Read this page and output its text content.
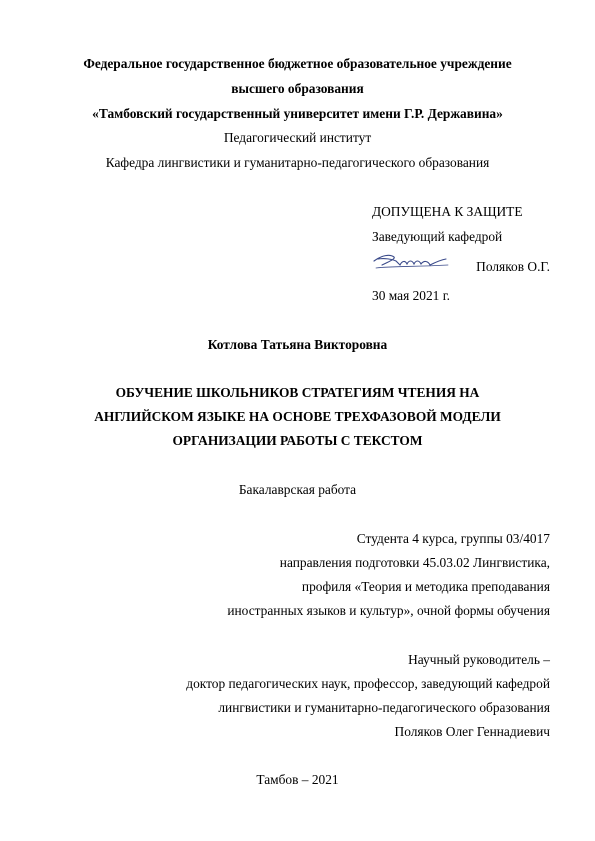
Федеральное государственное бюджетное образовательное учреждение
высшего образования
«Тамбовский государственный университет имени Г.Р. Державина»
Педагогический институт
Кафедра лингвистики и гуманитарно-педагогического образования
ДОПУЩЕНА К ЗАЩИТЕ
Заведующий кафедрой
Поляков О.Г.
30 мая 2021 г.
Котлова Татьяна Викторовна
ОБУЧЕНИЕ ШКОЛЬНИКОВ СТРАТЕГИЯМ ЧТЕНИЯ НА
АНГЛИЙСКОМ ЯЗЫКЕ НА ОСНОВЕ ТРЕХФАЗОВОЙ МОДЕЛИ
ОРГАНИЗАЦИИ РАБОТЫ С ТЕКСТОМ
Бакалаврская работа
Студента 4 курса, группы 03/4017
направления подготовки 45.03.02 Лингвистика,
профиля «Теория и методика преподавания
иностранных языков и культур», очной формы обучения
Научный руководитель –
доктор педагогических наук, профессор, заведующий кафедрой
лингвистики и гуманитарно-педагогического образования
Поляков Олег Геннадиевич
Тамбов – 2021
